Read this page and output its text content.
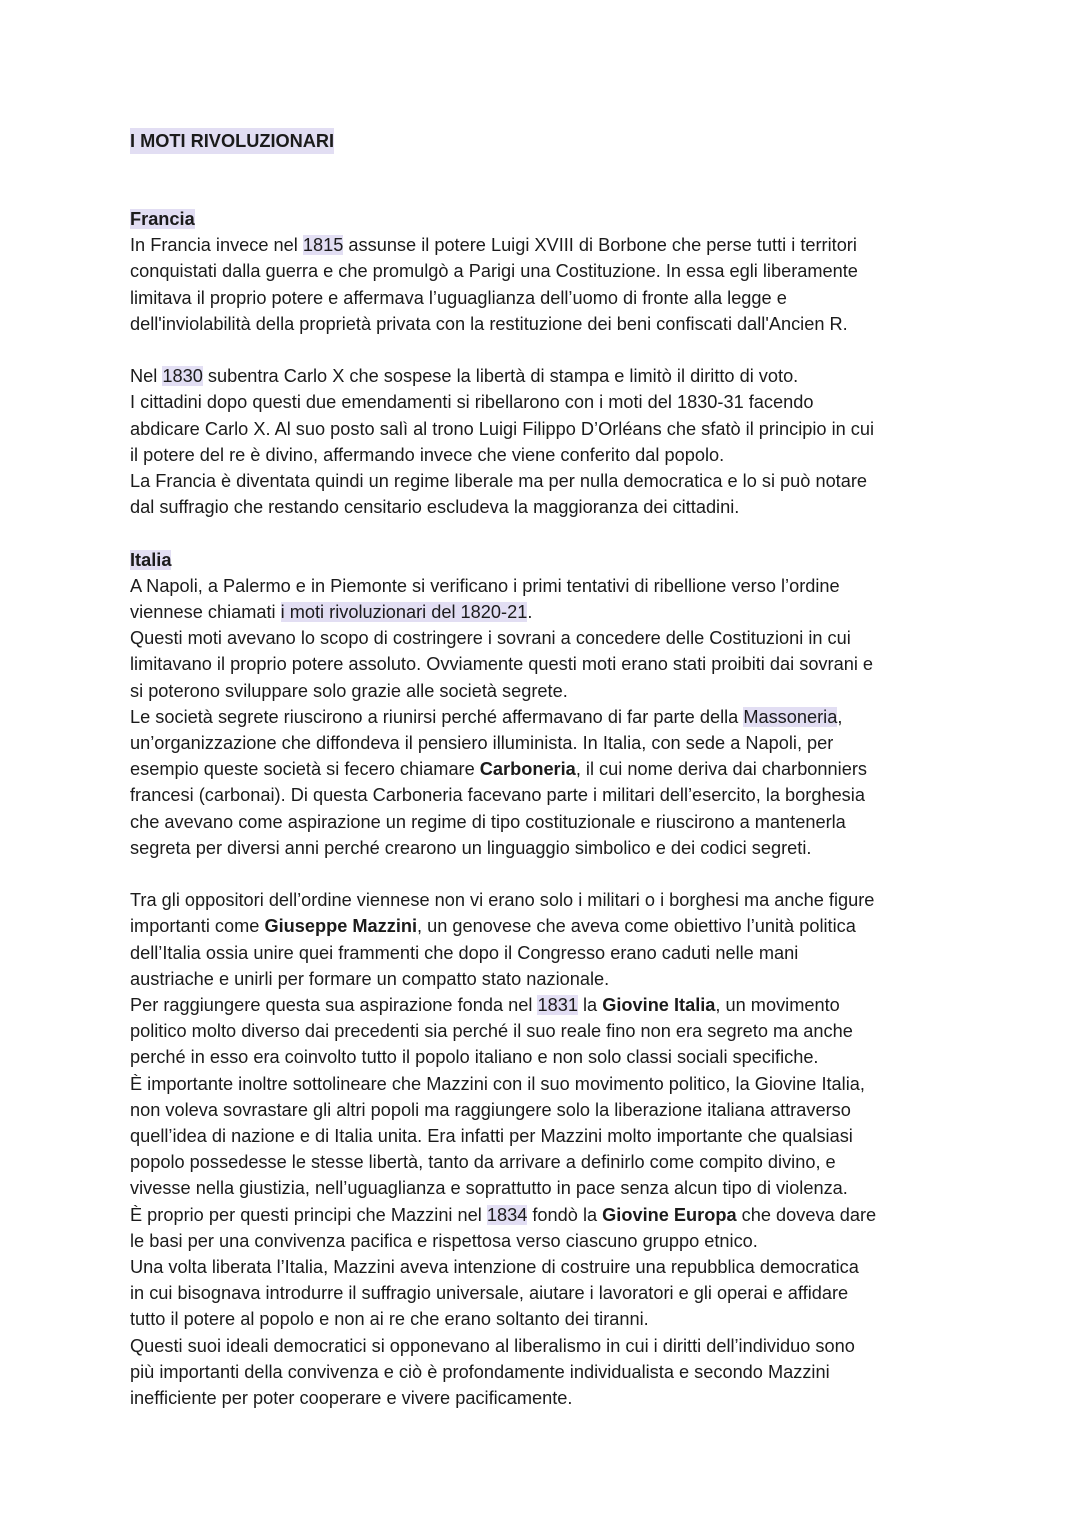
I MOTI RIVOLUZIONARI
Francia
In Francia invece nel 1815 assunse il potere Luigi XVIII di Borbone che perse tutti i territori
conquistati dalla guerra e che promulgò a Parigi una Costituzione. In essa egli liberamente
limitava il proprio potere e affermava l’uguaglianza dell’uomo di fronte alla legge e
dell'inviolabilità della proprietà privata con la restituzione dei beni confiscati dall'Ancien R.
Nel 1830 subentra Carlo X che sospese la libertà di stampa e limitò il diritto di voto.
I cittadini dopo questi due emendamenti si ribellarono con i moti del 1830-31 facendo
abdicare Carlo X. Al suo posto salì al trono Luigi Filippo D’Orléans che sfatò il principio in cui
il potere del re è divino, affermando invece che viene conferito dal popolo.
La Francia è diventata quindi un regime liberale ma per nulla democratica e lo si può notare
dal suffragio che restando censitario escludeva la maggioranza dei cittadini.
Italia
A Napoli, a Palermo e in Piemonte si verificano i primi tentativi di ribellione verso l’ordine
viennese chiamati i moti rivoluzionari del 1820-21.
Questi moti avevano lo scopo di costringere i sovrani a concedere delle Costituzioni in cui
limitavano il proprio potere assoluto. Ovviamente questi moti erano stati proibiti dai sovrani e
si poterono sviluppare solo grazie alle società segrete.
Le società segrete riuscirono a riunirsi perché affermavano di far parte della Massoneria,
un’organizzazione che diffondeva il pensiero illuminista. In Italia, con sede a Napoli, per
esempio queste società si fecero chiamare Carboneria, il cui nome deriva dai charbonniers
francesi (carbonai). Di questa Carboneria facevano parte i militari dell’esercito, la borghesia
che avevano come aspirazione un regime di tipo costituzionale e riuscirono a mantenerla
segreta per diversi anni perché crearono un linguaggio simbolico e dei codici segreti.
Tra gli oppositori dell’ordine viennese non vi erano solo i militari o i borghesi ma anche figure
importanti come Giuseppe Mazzini, un genovese che aveva come obiettivo l’unità politica
dell’Italia ossia unire quei frammenti che dopo il Congresso erano caduti nelle mani
austriache e unirli per formare un compatto stato nazionale.
Per raggiungere questa sua aspirazione fonda nel 1831 la Giovine Italia, un movimento
politico molto diverso dai precedenti sia perché il suo reale fino non era segreto ma anche
perché in esso era coinvolto tutto il popolo italiano e non solo classi sociali specifiche.
È importante inoltre sottolineare che Mazzini con il suo movimento politico, la Giovine Italia,
non voleva sovrastare gli altri popoli ma raggiungere solo la liberazione italiana attraverso
quell’idea di nazione e di Italia unita. Era infatti per Mazzini molto importante che qualsiasi
popolo possedesse le stesse libertà, tanto da arrivare a definirlo come compito divino, e
vivesse nella giustizia, nell’uguaglianza e soprattutto in pace senza alcun tipo di violenza.
È proprio per questi principi che Mazzini nel 1834 fondò la Giovine Europa che doveva dare
le basi per una convivenza pacifica e rispettosa verso ciascuno gruppo etnico.
Una volta liberata l’Italia, Mazzini aveva intenzione di costruire una repubblica democratica
in cui bisognava introdurre il suffragio universale, aiutare i lavoratori e gli operai e affidare
tutto il potere al popolo e non ai re che erano soltanto dei tiranni.
Questi suoi ideali democratici si opponevano al liberalismo in cui i diritti dell’individuo sono
più importanti della convivenza e ciò è profondamente individualista e secondo Mazzini
inefficiente per poter cooperare e vivere pacificamente.
